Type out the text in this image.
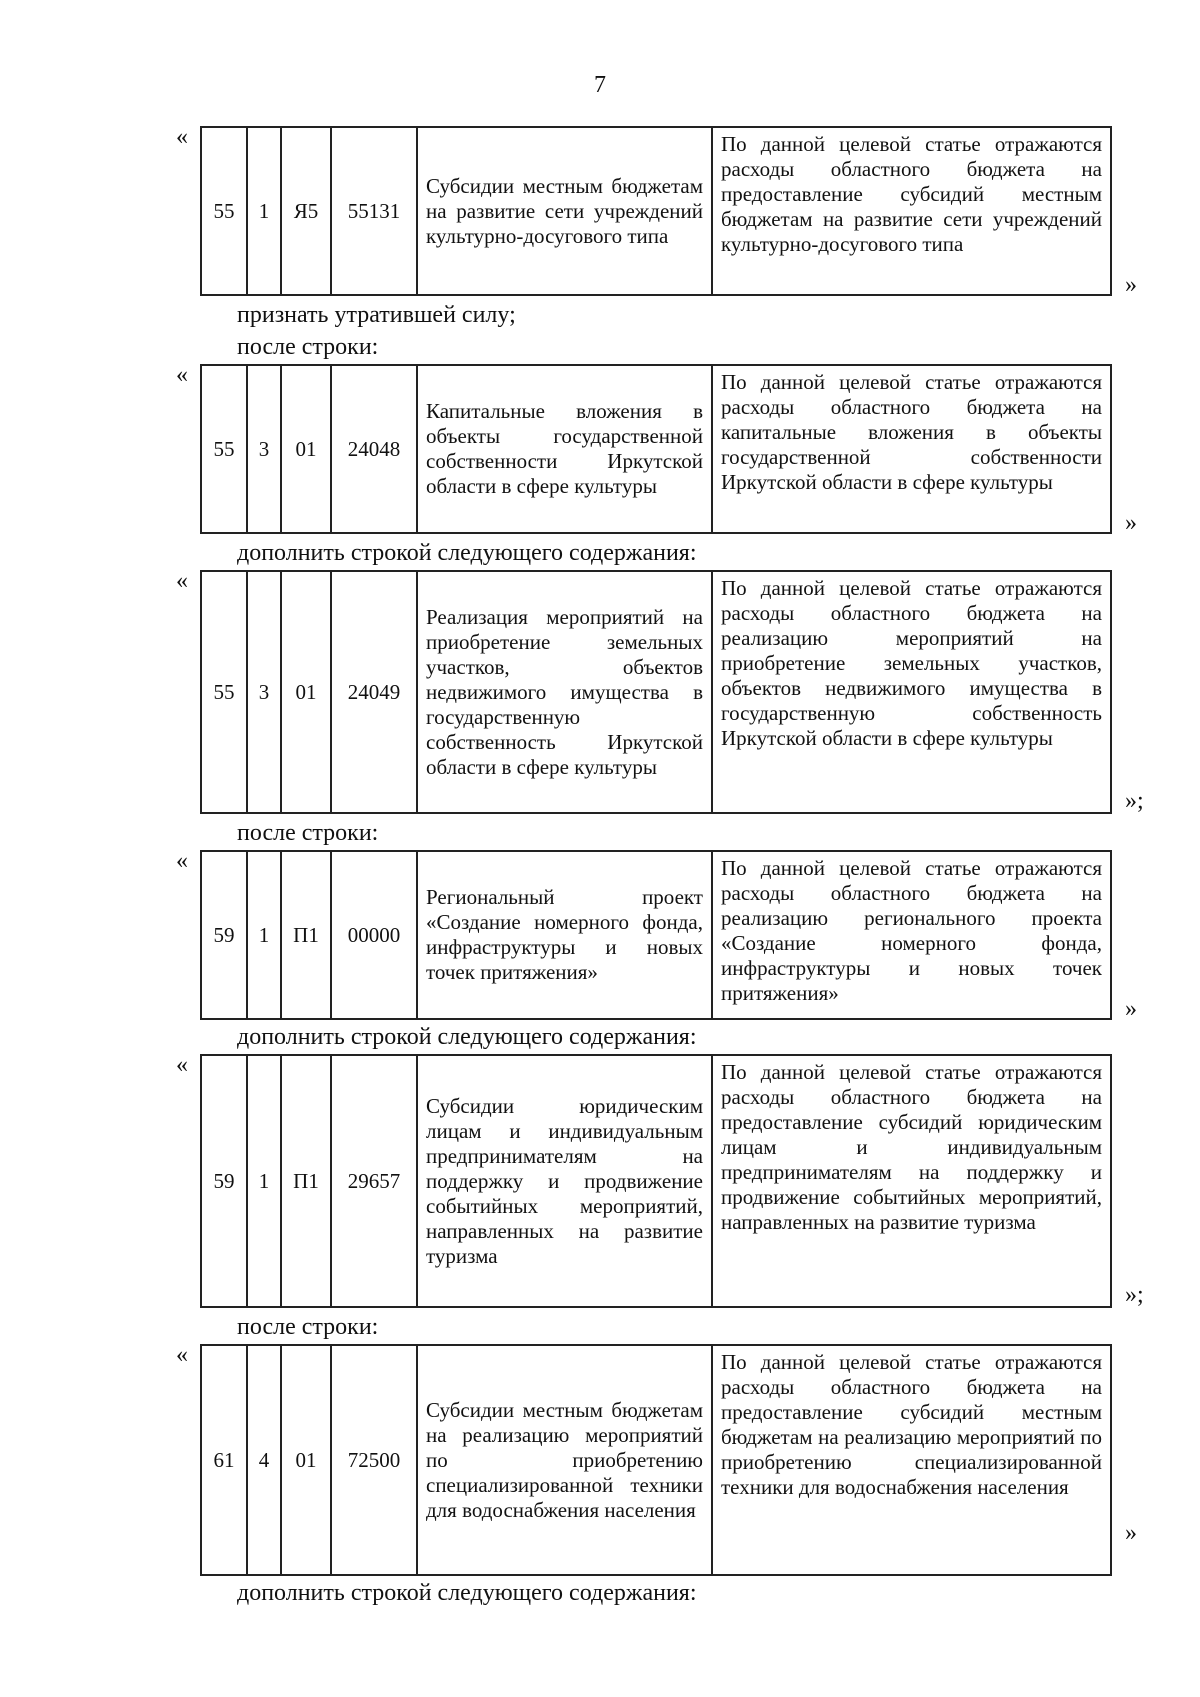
7
«
55	1	Я5	55131	Субсидии местным бюджетам на развитие сети учреждений культурно-досугового типа	По данной целевой статье отражаются расходы областного бюджета на предоставление субсидий местным бюджетам на развитие сети учреждений культурно-досугового типа
»
признать утратившей силу;
после строки:
«
55	3	01	24048	Капитальные вложения в объекты государственной собственности Иркутской области в сфере культуры	По данной целевой статье отражаются расходы областного бюджета на капитальные вложения в объекты государственной собственности Иркутской области в сфере культуры
»
дополнить строкой следующего содержания:
«
55	3	01	24049	Реализация мероприятий на приобретение земельных участков, объектов недвижимого имущества в государственную собственность Иркутской области в сфере культуры	По данной целевой статье отражаются расходы областного бюджета на реализацию мероприятий на приобретение земельных участков, объектов недвижимого имущества в государственную собственность Иркутской области в сфере культуры
»;
после строки:
«
59	1	П1	00000	Региональный проект «Создание номерного фонда, инфраструктуры и новых точек притяжения»	По данной целевой статье отражаются расходы областного бюджета на реализацию регионального проекта «Создание номерного фонда, инфраструктуры и новых точек притяжения»
»
дополнить строкой следующего содержания:
«
59	1	П1	29657	Субсидии юридическим лицам и индивидуальным предпринимателям на поддержку и продвижение событийных мероприятий, направленных на развитие туризма	По данной целевой статье отражаются расходы областного бюджета на предоставление субсидий юридическим лицам и индивидуальным предпринимателям на поддержку и продвижение событийных мероприятий, направленных на развитие туризма
»;
после строки:
«
61	4	01	72500	Субсидии местным бюджетам на реализацию мероприятий по приобретению специализированной техники для водоснабжения населения	По данной целевой статье отражаются расходы областного бюджета на предоставление субсидий местным бюджетам на реализацию мероприятий по приобретению специализированной техники для водоснабжения населения
»
дополнить строкой следующего содержания:
